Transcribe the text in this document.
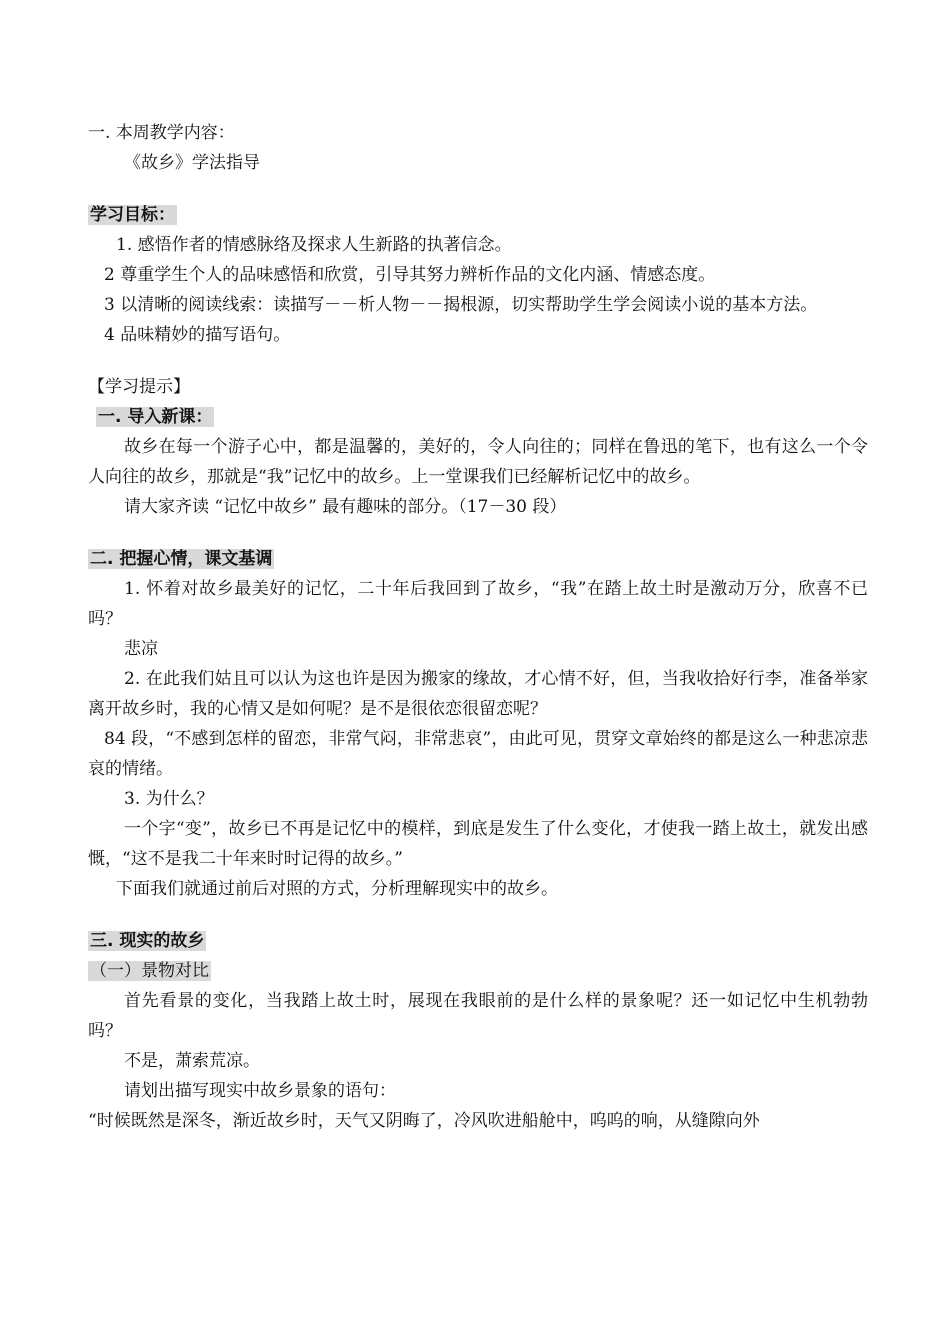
一. 本周教学内容：
《故乡》学法指导
学习目标：
1. 感悟作者的情感脉络及探求人生新路的执著信念。
2 尊重学生个人的品味感悟和欣赏，引导其努力辨析作品的文化内涵、情感态度。
3 以清晰的阅读线索：读描写－－析人物－－揭根源，切实帮助学生学会阅读小说的基本方法。
4 品味精妙的描写语句。
【学习提示】
一. 导入新课：
故乡在每一个游子心中，都是温馨的，美好的，令人向往的；同样在鲁迅的笔下，也有这么一个令人向往的故乡，那就是“我”记忆中的故乡。上一堂课我们已经解析记忆中的故乡。
请大家齐读 “记忆中故乡” 最有趣味的部分。（17－30 段）
二. 把握心情，课文基调
1. 怀着对故乡最美好的记忆，二十年后我回到了故乡，“我”在踏上故土时是激动万分，欣喜不已吗？
悲凉
2. 在此我们姑且可以认为这也许是因为搬家的缘故，才心情不好，但，当我收拾好行李，准备举家离开故乡时，我的心情又是如何呢？是不是很依恋很留恋呢？
84 段，“不感到怎样的留恋，非常气闷，非常悲哀”，由此可见，贯穿文章始终的都是这么一种悲凉悲哀的情绪。
3. 为什么？
一个字“变”，故乡已不再是记忆中的模样，到底是发生了什么变化，才使我一踏上故土，就发出感慨，“这不是我二十年来时时记得的故乡。”
下面我们就通过前后对照的方式，分析理解现实中的故乡。
三. 现实的故乡
（一）景物对比
首先看景的变化，当我踏上故土时，展现在我眼前的是什么样的景象呢？还一如记忆中生机勃勃吗？
不是，萧索荒凉。
请划出描写现实中故乡景象的语句：
“时候既然是深冬，渐近故乡时，天气又阴晦了，冷风吹进船舱中，呜呜的响，从缝隙向外
